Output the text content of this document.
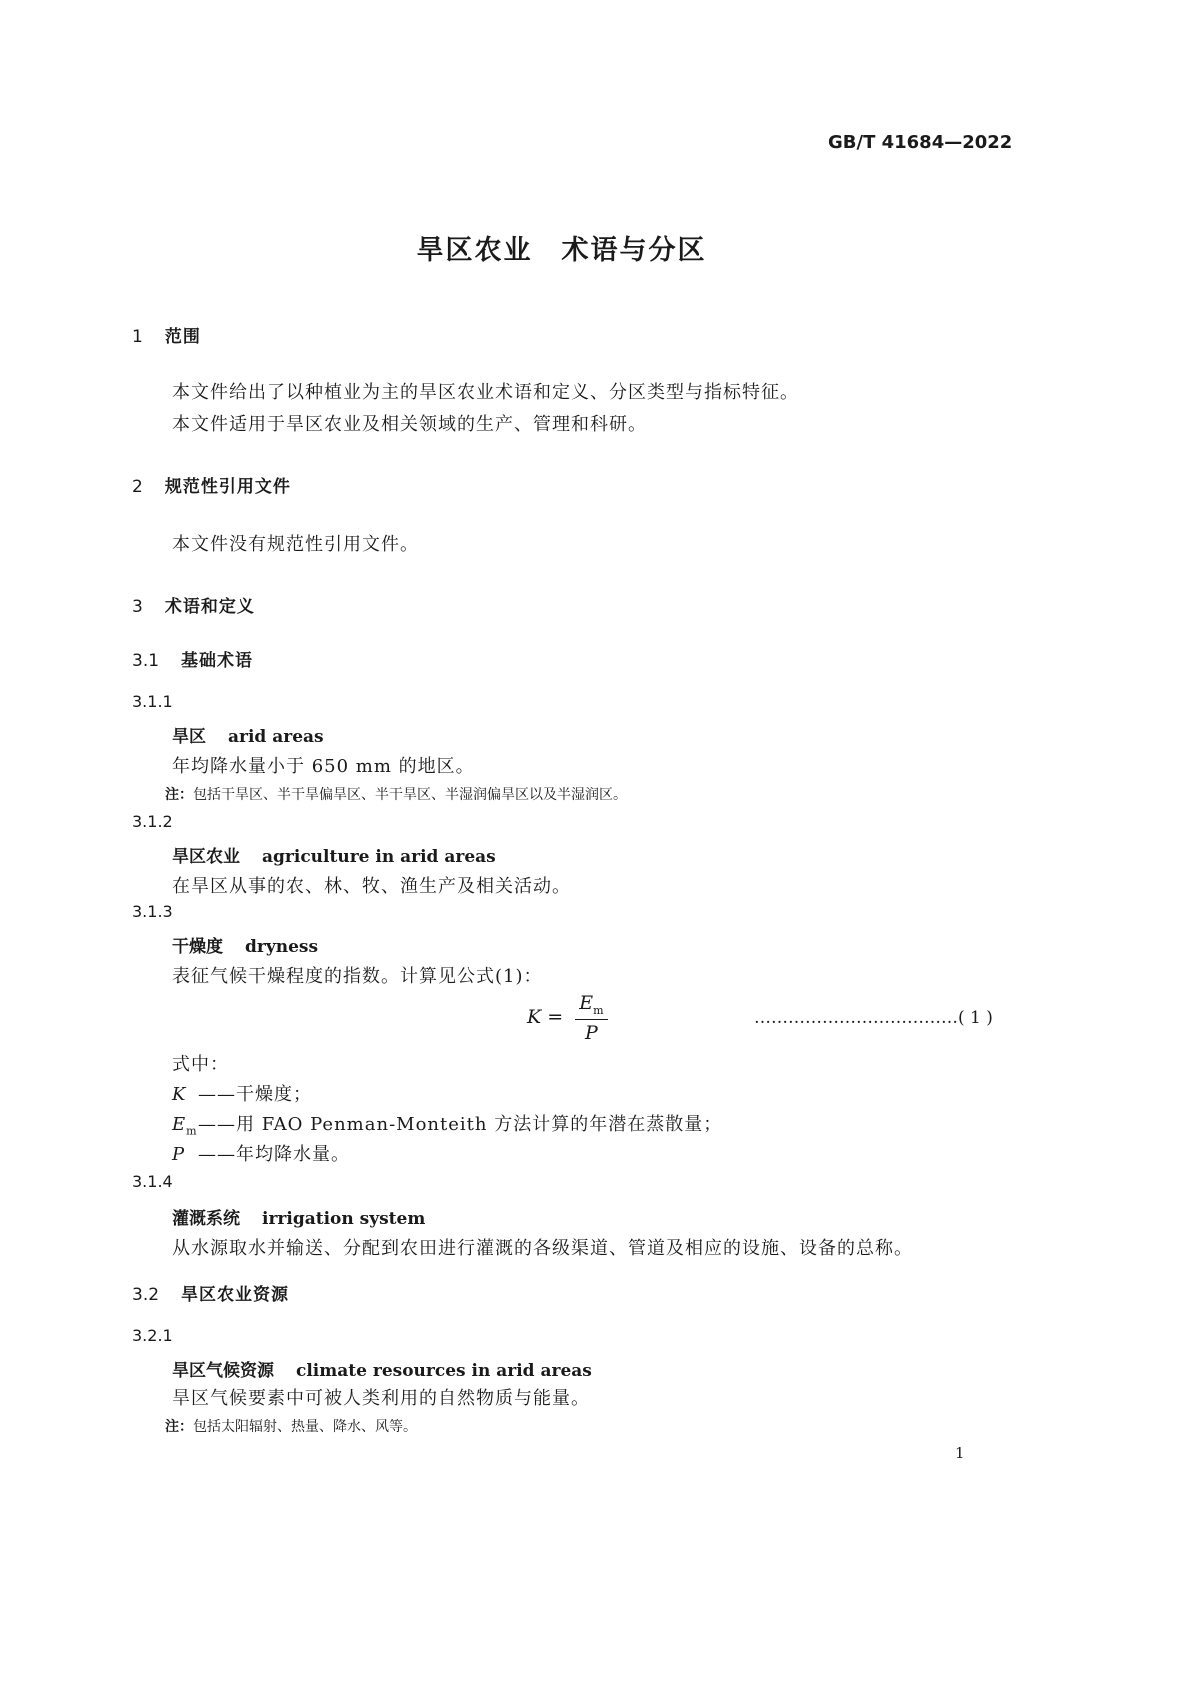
GB/T 41684—2022
旱区农业　术语与分区
1 范围
本文件给出了以种植业为主的旱区农业术语和定义、分区类型与指标特征。
本文件适用于旱区农业及相关领域的生产、管理和科研。
2 规范性引用文件
本文件没有规范性引用文件。
3 术语和定义
3.1 基础术语
3.1.1
旱区 arid areas
年均降水量小于 650 mm 的地区。
注：包括干旱区、半干旱偏旱区、半干旱区、半湿润偏旱区以及半湿润区。
3.1.2
旱区农业 agriculture in arid areas
在旱区从事的农、林、牧、渔生产及相关活动。
3.1.3
干燥度 dryness
表征气候干燥程度的指数。计算见公式(1)：
$K = \frac{E_m}{P}$	………………………………( 1 )
式中：
K ——干燥度；
$E_m——$用 FAO Penman-Monteith 方法计算的年潜在蒸散量；
P ——年均降水量。
3.1.4
灌溉系统 irrigation system
从水源取水并输送、分配到农田进行灌溉的各级渠道、管道及相应的设施、设备的总称。
3.2 旱区农业资源
3.2.1
旱区气候资源 climate resources in arid areas
旱区气候要素中可被人类利用的自然物质与能量。
注：包括太阳辐射、热量、降水、风等。
1
